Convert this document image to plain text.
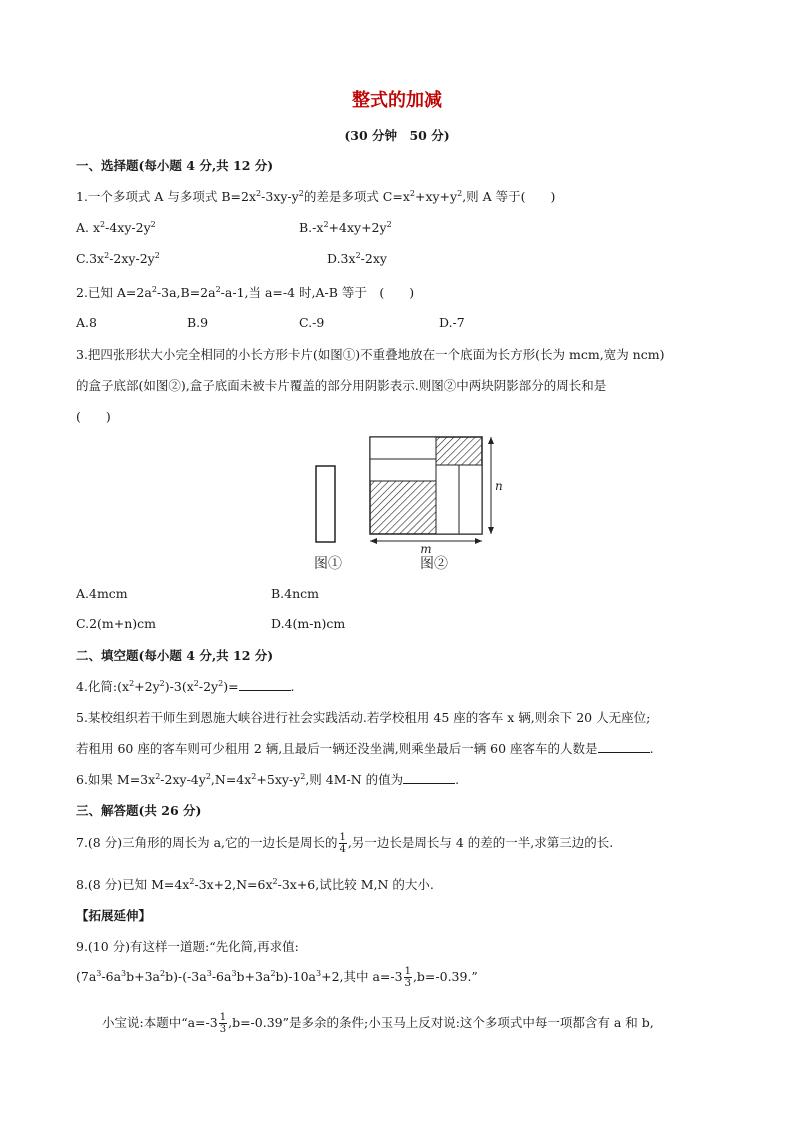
整式的加减
(30 分钟　50 分)
一、选择题(每小题 4 分,共 12 分)
1.一个多项式 A 与多项式 $B=2x^2-3xy-y^2$的差是多项式 $C=x^2+xy+y^2$,则 A 等于(　　)
A. $x^2-4xy-2y^2$	$B.-x^2+4xy+2y^2$
$C.3x^2-2xy-2y^2$	$D.3x^2-2xy$
2.已知 $A=2a^2-3a,B=2a^2-a-1$,当 a=-4 时,A-B 等于　(　　)
A.8	B.9	C.-9	D.-7
3.把四张形状大小完全相同的小长方形卡片(如图①)不重叠地放在一个底面为长方形(长为 mcm,宽为 ncm)
的盒子底部(如图②),盒子底面未被卡片覆盖的部分用阴影表示.则图②中两块阴影部分的周长和是
(　　)
n
m
图①	图②
A.4mcm	B.4ncm
C.2(m+n)cm	D.4(m-n)cm
二、填空题(每小题 4 分,共 12 分)
4.化简$:(x^2+2y^2)-3(x^2-2y^2)=$	.
5.某校组织若干师生到恩施大峡谷进行社会实践活动.若学校租用 45 座的客车 x 辆,则余下 20 人无座位;
若租用 60 座的客车则可少租用 2 辆,且最后一辆还没坐满,则乘坐最后一辆 60 座客车的人数是	.
6.如果 $M=3x^2-2xy-4y^2,N=4x^2+5xy-y^2$,则 4M-N 的值为	.
三、解答题(共 26 分)
7.(8 分)三角形的周长为 a,它的一边长是周长的 $\frac{1}{4}$ ,另一边长是周长与 4 的差的一半,求第三边的长.
8.(8 分)已知 $M=4x^2-3x+2,N=6x^2-3x+6$,试比较 M,N 的大小.
【拓展延伸】
9.(10 分)有这样一道题:“先化简,再求值:
$(7a^3-6a^3b+3a^2b)-(-3a^3-6a^3b+3a^2b)-10a^3+2$,其中 $a=-3 \frac{1}{3} ,b=-0.39$.”
小宝说:本题中“$a=-3 \frac{1}{3} ,b=-0.39$”是多余的条件;小玉马上反对说:这个多项式中每一项都含有 a 和 b,
